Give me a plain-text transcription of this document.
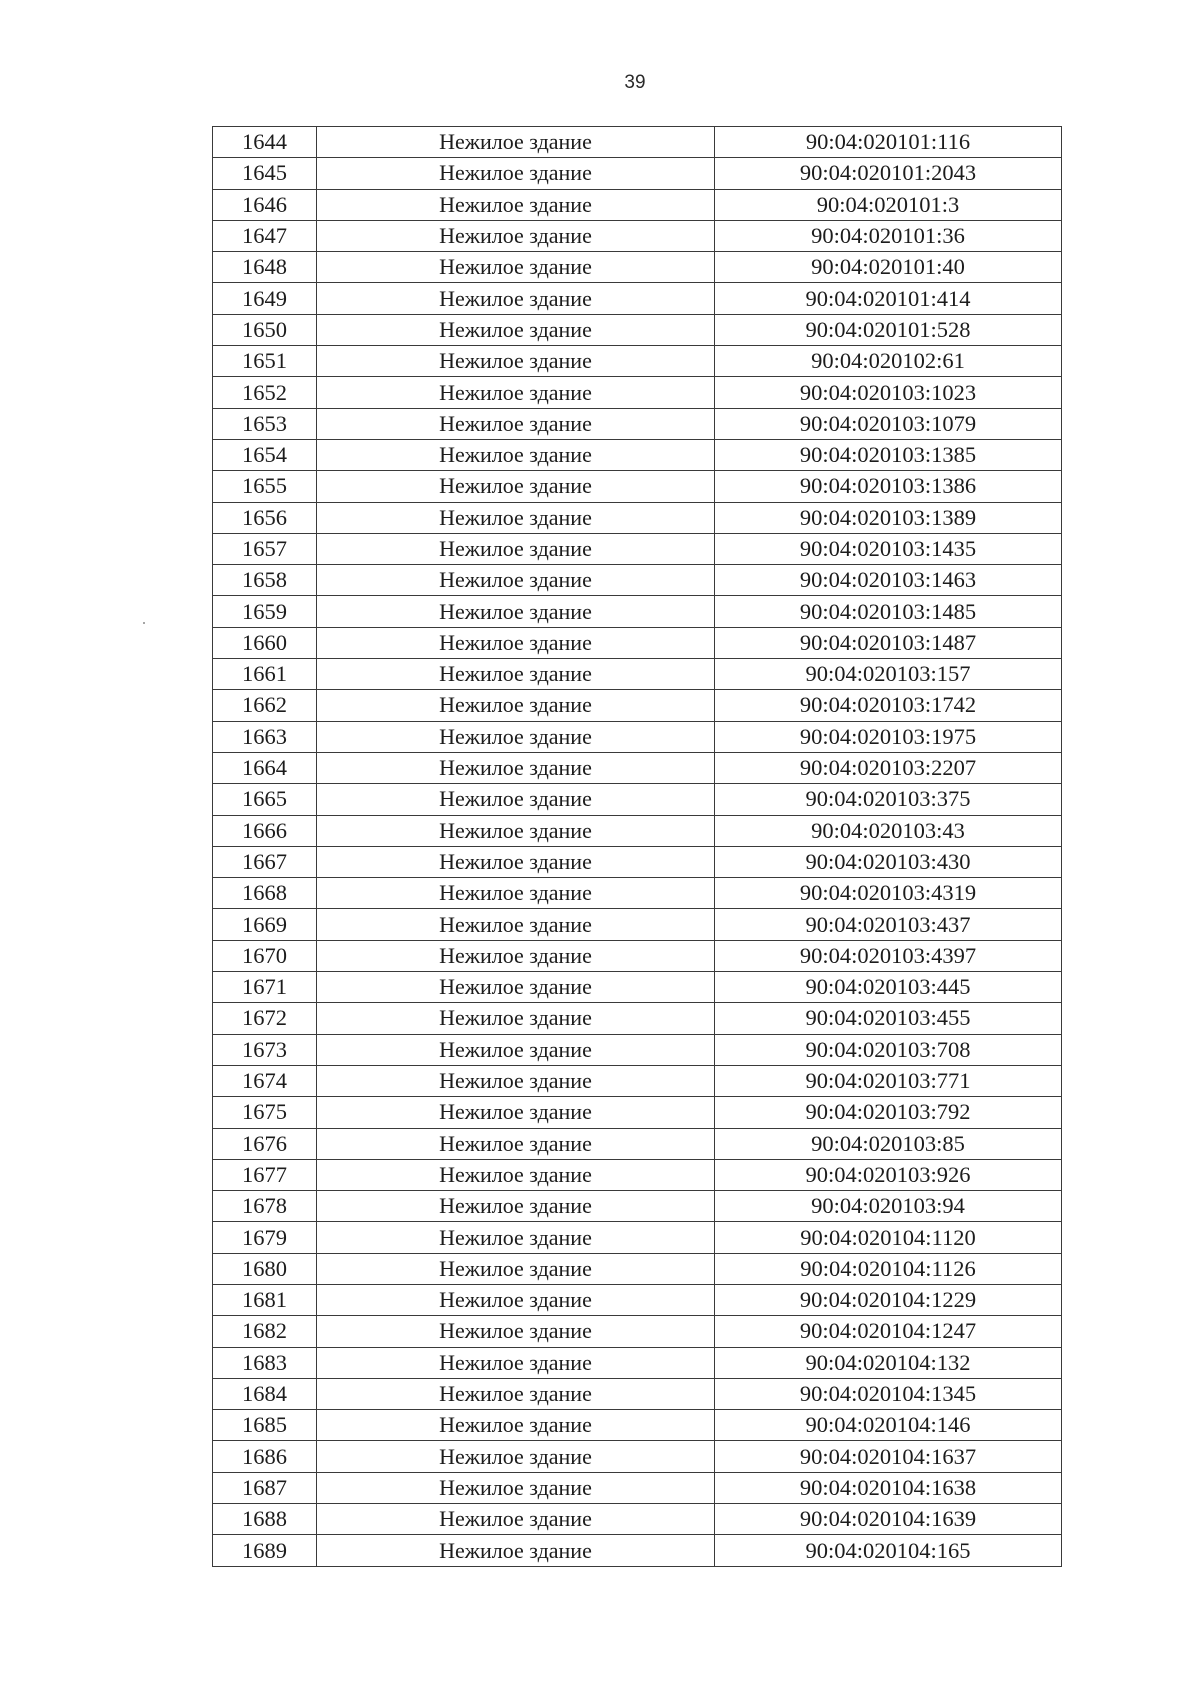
39
1644	Нежилое здание	90:04:020101:116
1645	Нежилое здание	90:04:020101:2043
1646	Нежилое здание	90:04:020101:3
1647	Нежилое здание	90:04:020101:36
1648	Нежилое здание	90:04:020101:40
1649	Нежилое здание	90:04:020101:414
1650	Нежилое здание	90:04:020101:528
1651	Нежилое здание	90:04:020102:61
1652	Нежилое здание	90:04:020103:1023
1653	Нежилое здание	90:04:020103:1079
1654	Нежилое здание	90:04:020103:1385
1655	Нежилое здание	90:04:020103:1386
1656	Нежилое здание	90:04:020103:1389
1657	Нежилое здание	90:04:020103:1435
1658	Нежилое здание	90:04:020103:1463
1659	Нежилое здание	90:04:020103:1485
1660	Нежилое здание	90:04:020103:1487
1661	Нежилое здание	90:04:020103:157
1662	Нежилое здание	90:04:020103:1742
1663	Нежилое здание	90:04:020103:1975
1664	Нежилое здание	90:04:020103:2207
1665	Нежилое здание	90:04:020103:375
1666	Нежилое здание	90:04:020103:43
1667	Нежилое здание	90:04:020103:430
1668	Нежилое здание	90:04:020103:4319
1669	Нежилое здание	90:04:020103:437
1670	Нежилое здание	90:04:020103:4397
1671	Нежилое здание	90:04:020103:445
1672	Нежилое здание	90:04:020103:455
1673	Нежилое здание	90:04:020103:708
1674	Нежилое здание	90:04:020103:771
1675	Нежилое здание	90:04:020103:792
1676	Нежилое здание	90:04:020103:85
1677	Нежилое здание	90:04:020103:926
1678	Нежилое здание	90:04:020103:94
1679	Нежилое здание	90:04:020104:1120
1680	Нежилое здание	90:04:020104:1126
1681	Нежилое здание	90:04:020104:1229
1682	Нежилое здание	90:04:020104:1247
1683	Нежилое здание	90:04:020104:132
1684	Нежилое здание	90:04:020104:1345
1685	Нежилое здание	90:04:020104:146
1686	Нежилое здание	90:04:020104:1637
1687	Нежилое здание	90:04:020104:1638
1688	Нежилое здание	90:04:020104:1639
1689	Нежилое здание	90:04:020104:165
